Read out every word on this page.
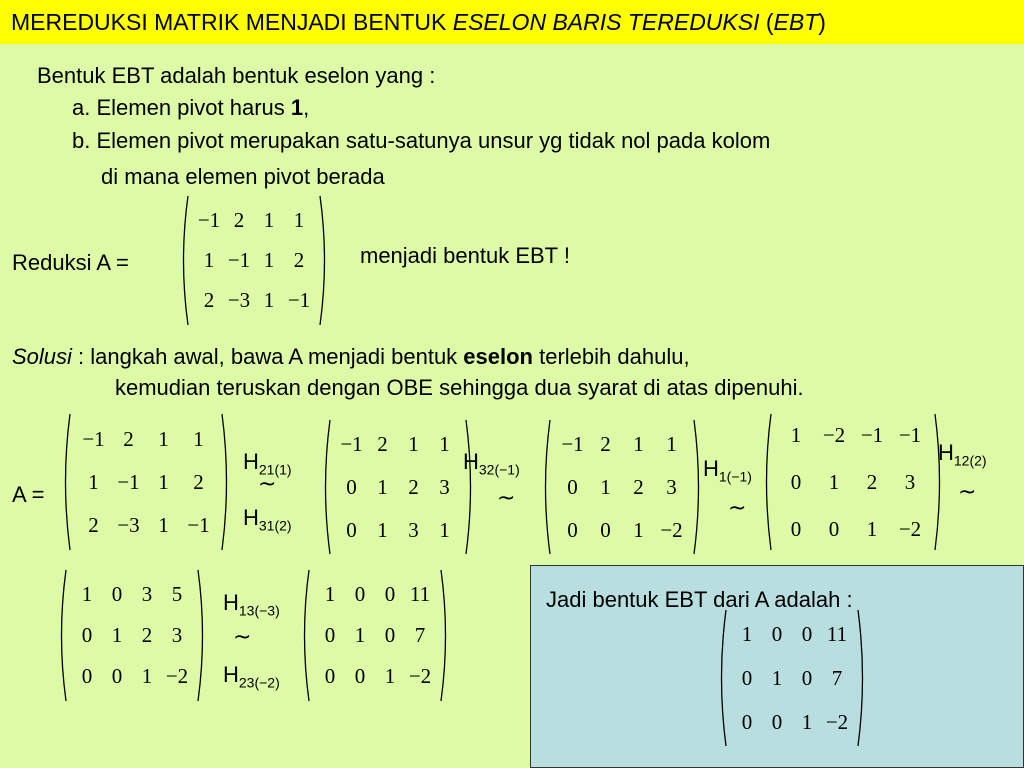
MEREDUKSI MATRIK MENJADI BENTUK ESELON BARIS TEREDUKSI (EBT)
Bentuk EBT adalah bentuk eselon yang :
a. Elemen pivot harus 1,
b. Elemen pivot merupakan satu-satunya unsur yg tidak nol pada kolom
di mana elemen pivot berada
Reduksi A =
−1 2 1 1
1 −1 1 2
2 −3 1 −1
menjadi bentuk EBT !
Solusi : langkah awal, bawa A menjadi bentuk eselon terlebih dahulu,
kemudian teruskan dengan OBE sehingga dua syarat di atas dipenuhi.
A =
−1 2 1 1
1 −1 1 2
2 −3 1 −1
$H_{21(1)}$
~
$H_{31(2)}$
−1 2 1 1
0 1 2 3
0 1 3 1
$H_{32(-1)}$
~
−1 2 1 1
0 1 2 3
0 0 1 −2
$H_{1(-1)}$
~
1 −2 −1 −1
0 1 2 3
0 0 1 −2
$H_{12(2)}$
~
1 0 3 5
0 1 2 3
0 0 1 −2
$H_{13(-3)}$
~
$H_{23(-2)}$
1 0 0 11
0 1 0 7
0 0 1 −2
Jadi bentuk EBT dari A adalah :
1 0 0 11
0 1 0 7
0 0 1 −2
